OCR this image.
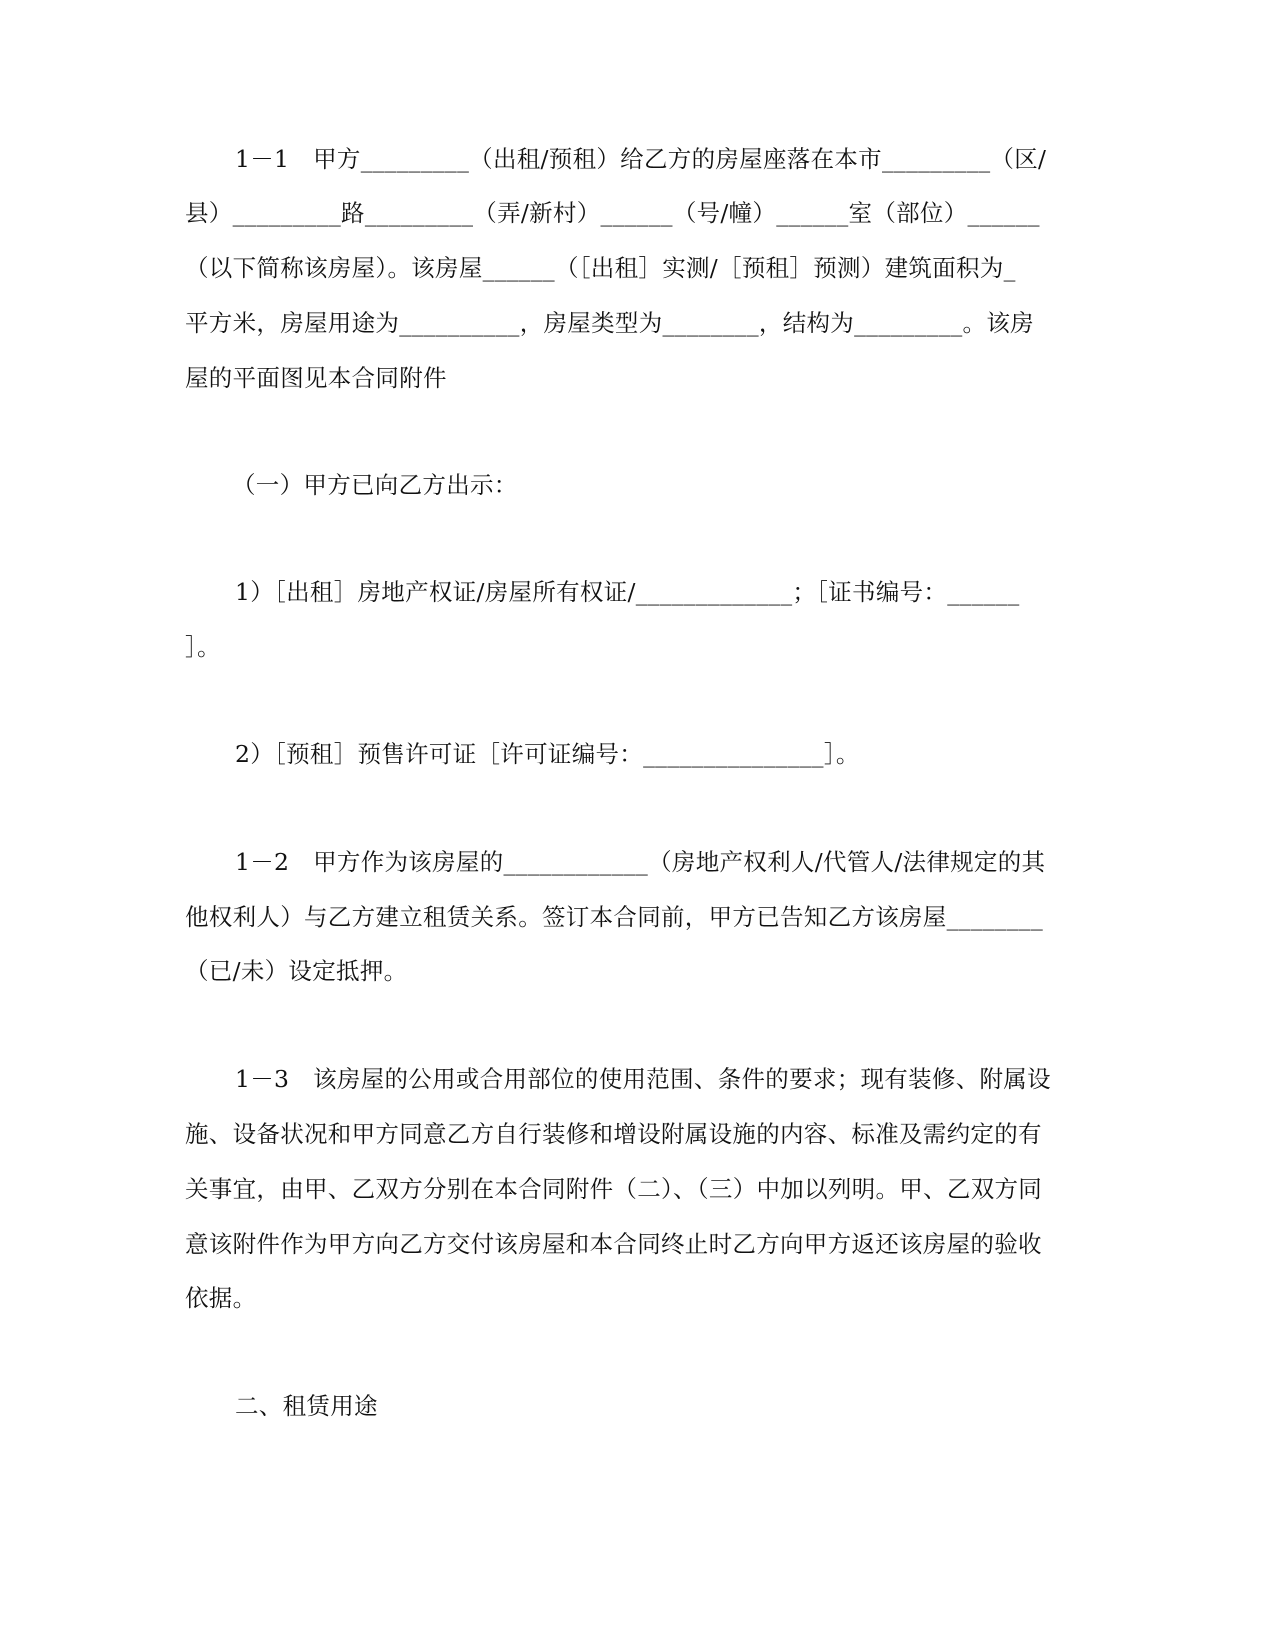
1－1　甲方_________（出租/预租）给乙方的房屋座落在本市_________（区/
县）_________路_________（弄/新村）______（号/幢）______室（部位）______
（以下简称该房屋）。该房屋______（［出租］实测/［预租］预测）建筑面积为_
平方米，房屋用途为__________，房屋类型为________，结构为_________。该房
屋的平面图见本合同附件
（一）甲方已向乙方出示：
1）［出租］房地产权证/房屋所有权证/_____________；［证书编号：______
］。
2）［预租］预售许可证［许可证编号：_______________］。
1－2　甲方作为该房屋的____________（房地产权利人/代管人/法律规定的其
他权利人）与乙方建立租赁关系。签订本合同前，甲方已告知乙方该房屋________
（已/未）设定抵押。
1－3　该房屋的公用或合用部位的使用范围、条件的要求；现有装修、附属设
施、设备状况和甲方同意乙方自行装修和增设附属设施的内容、标准及需约定的有
关事宜，由甲、乙双方分别在本合同附件（二）、（三）中加以列明。甲、乙双方同
意该附件作为甲方向乙方交付该房屋和本合同终止时乙方向甲方返还该房屋的验收
依据。
二、租赁用途
